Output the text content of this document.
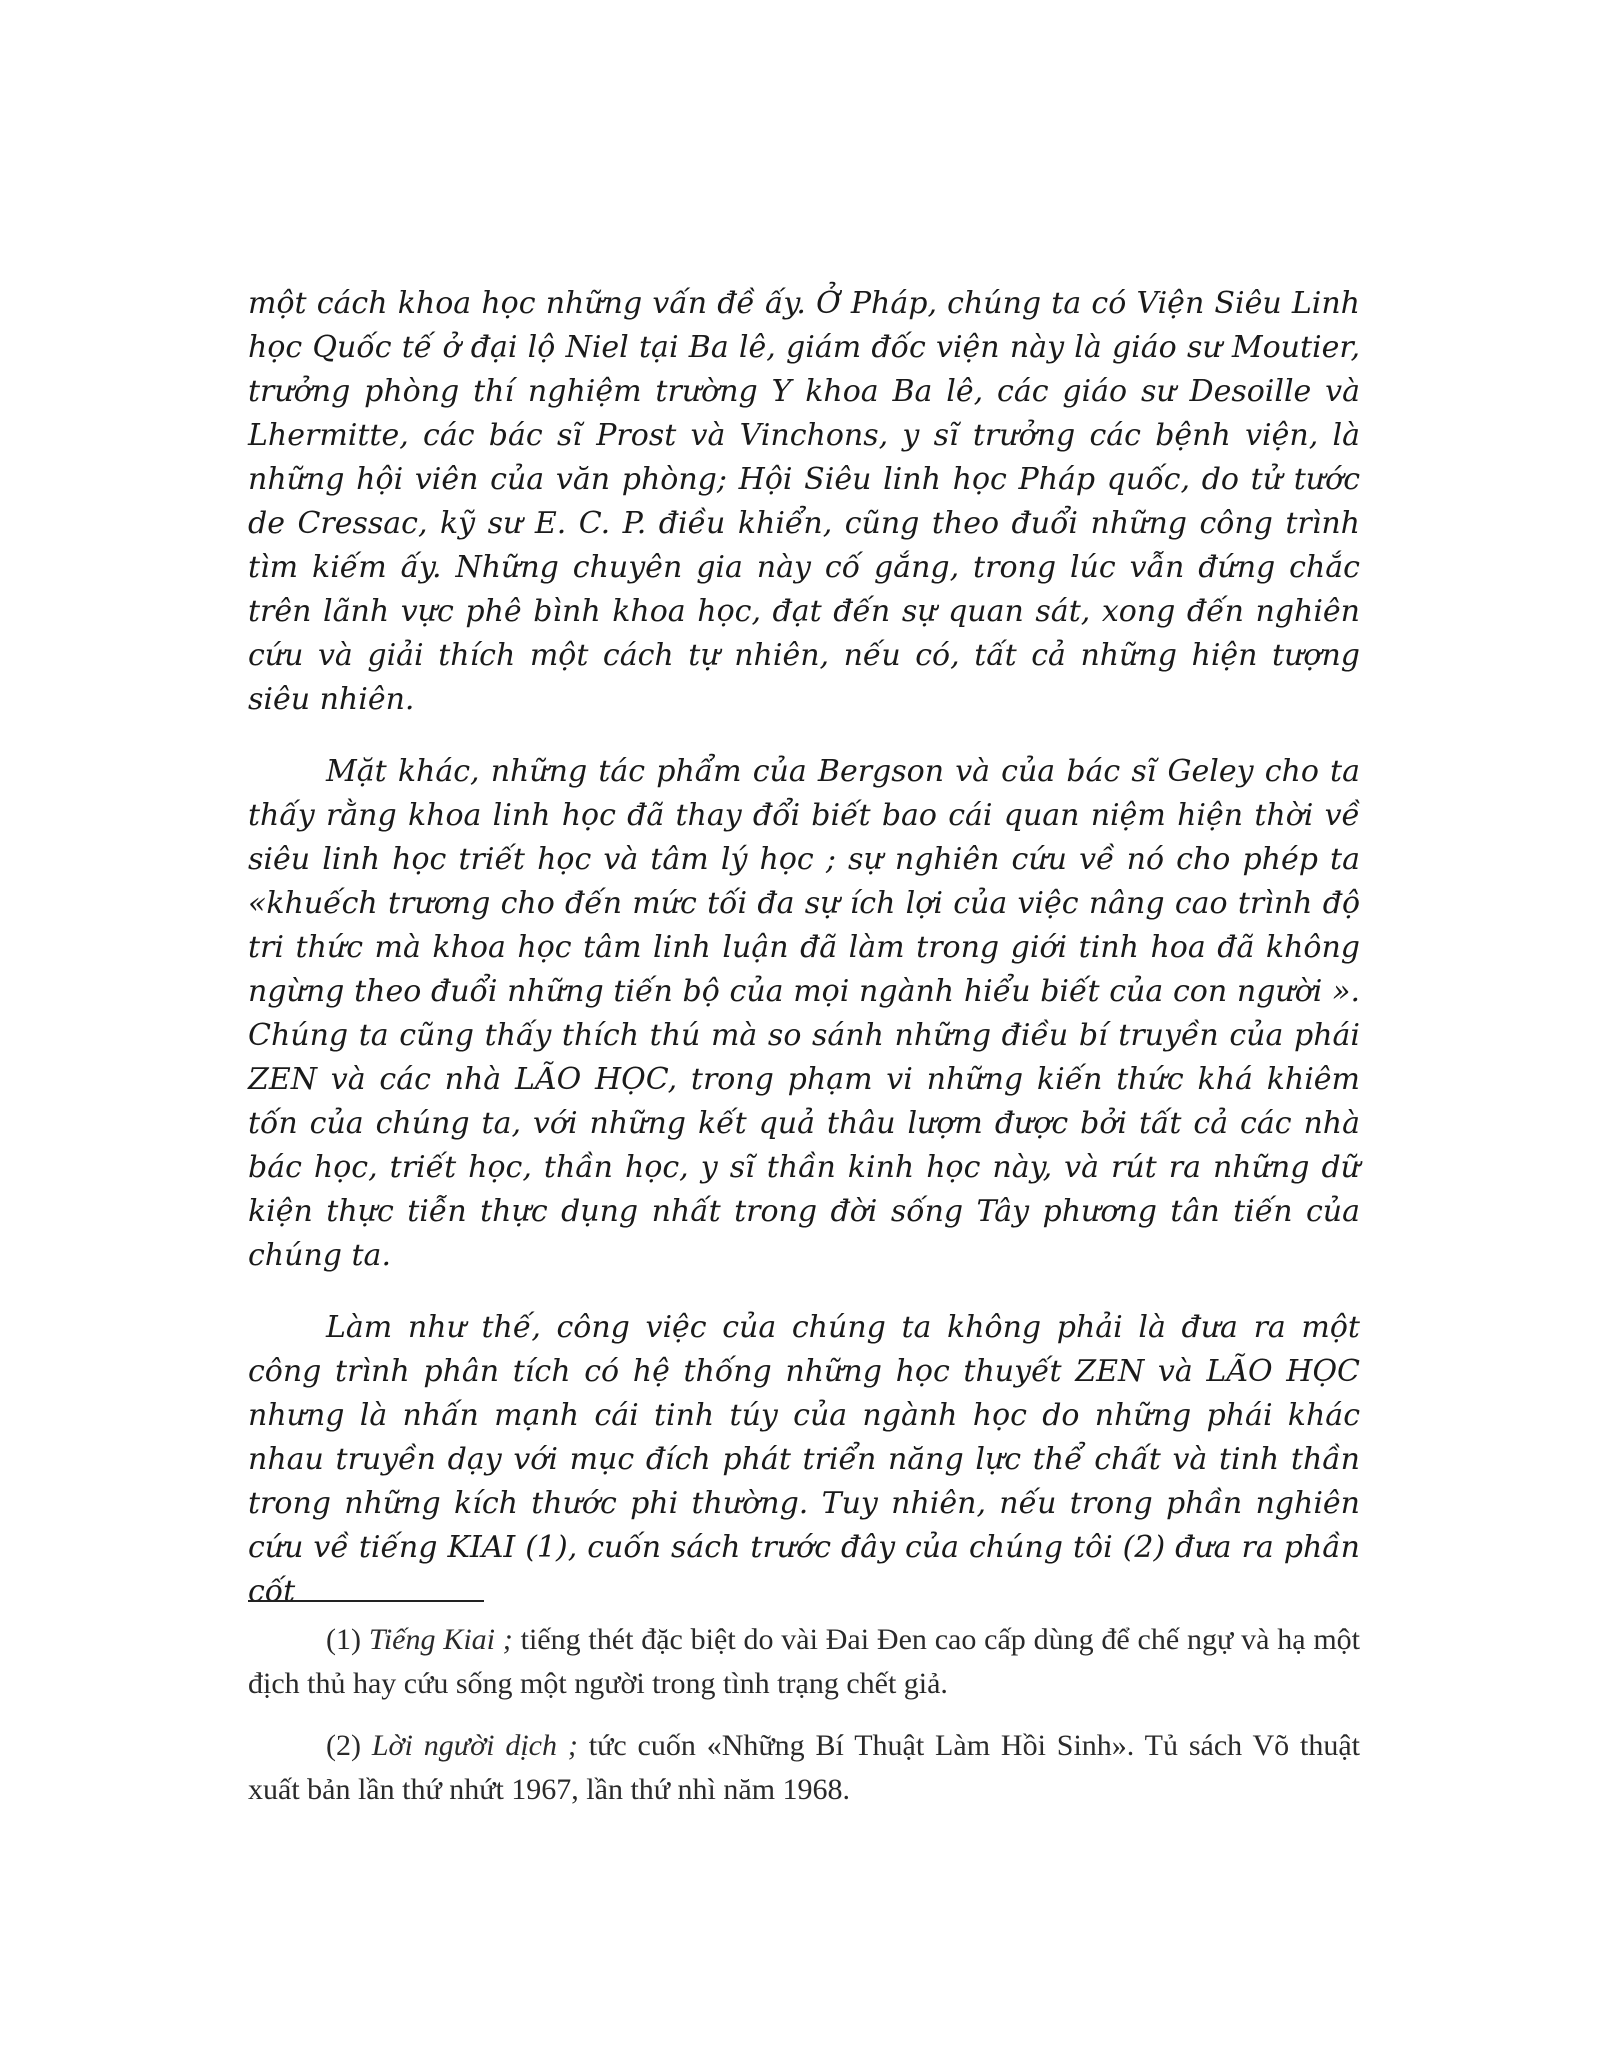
một cách khoa học những vấn đề ấy. Ở Pháp, chúng ta có Viện Siêu Linh học Quốc tế ở đại lộ Niel tại Ba lê, giám đốc viện này là giáo sư Moutier, trưởng phòng thí nghiệm trường Y khoa Ba lê, các giáo sư Desoille và Lhermitte, các bác sĩ Prost và Vinchons, y sĩ trưởng các bệnh viện, là những hội viên của văn phòng; Hội Siêu linh học Pháp quốc, do tử tước de Cressac, kỹ sư E. C. P. điều khiển, cũng theo đuổi những công trình tìm kiếm ấy. Những chuyên gia này cố gắng, trong lúc vẫn đứng chắc trên lãnh vực phê bình khoa học, đạt đến sự quan sát, xong đến nghiên cứu và giải thích một cách tự nhiên, nếu có, tất cả những hiện tượng siêu nhiên.

Mặt khác, những tác phẩm của Bergson và của bác sĩ Geley cho ta thấy rằng khoa linh học đã thay đổi biết bao cái quan niệm hiện thời về siêu linh học triết học và tâm lý học ; sự nghiên cứu về nó cho phép ta «khuếch trương cho đến mức tối đa sự ích lợi của việc nâng cao trình độ tri thức mà khoa học tâm linh luận đã làm trong giới tinh hoa đã không ngừng theo đuổi những tiến bộ của mọi ngành hiểu biết của con người ». Chúng ta cũng thấy thích thú mà so sánh những điều bí truyền của phái ZEN và các nhà LÃO HỌC, trong phạm vi những kiến thức khá khiêm tốn của chúng ta, với những kết quả thâu lượm được bởi tất cả các nhà bác học, triết học, thần học, y sĩ thần kinh học này, và rút ra những dữ kiện thực tiễn thực dụng nhất trong đời sống Tây phương tân tiến của chúng ta.

Làm như thế, công việc của chúng ta không phải là đưa ra một công trình phân tích có hệ thống những học thuyết ZEN và LÃO HỌC nhưng là nhấn mạnh cái tinh túy của ngành học do những phái khác nhau truyền dạy với mục đích phát triển năng lực thể chất và tinh thần trong những kích thước phi thường. Tuy nhiên, nếu trong phần nghiên cứu về tiếng KIAI (1), cuốn sách trước đây của chúng tôi (2) đưa ra phần cốt

(1) Tiếng Kiai ; tiếng thét đặc biệt do vài Đai Đen cao cấp dùng để chế ngự và hạ một địch thủ hay cứu sống một người trong tình trạng chết giả.

(2) Lời người dịch ; tức cuốn «Những Bí Thuật Làm Hồi Sinh». Tủ sách Võ thuật xuất bản lần thứ nhứt 1967, lần thứ nhì năm 1968.
